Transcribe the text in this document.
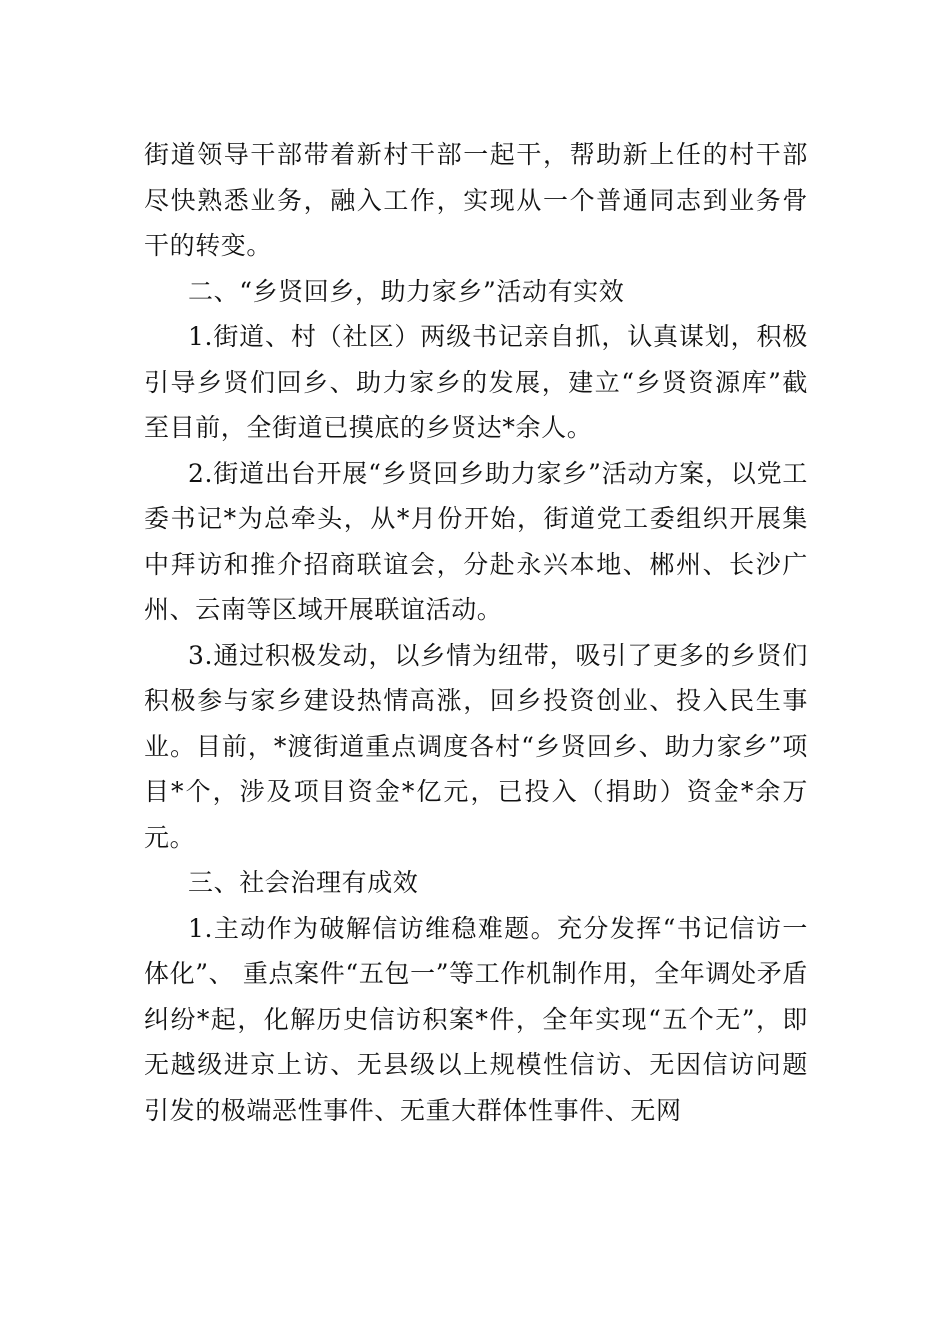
街道领导干部带着新村干部一起干，帮助新上任的村干部尽快熟悉业务，融入工作，实现从一个普通同志到业务骨干的转变。

二、“乡贤回乡，助力家乡”活动有实效

1.街道、村（社区）两级书记亲自抓，认真谋划，积极引导乡贤们回乡、助力家乡的发展，建立“乡贤资源库”截至目前，全街道已摸底的乡贤达*余人。

2.街道出台开展“乡贤回乡助力家乡”活动方案，以党工委书记*为总牵头，从*月份开始，街道党工委组织开展集中拜访和推介招商联谊会，分赴永兴本地、郴州、长沙广州、云南等区域开展联谊活动。

3.通过积极发动，以乡情为纽带，吸引了更多的乡贤们积极参与家乡建设热情高涨，回乡投资创业、投入民生事业。目前，*渡街道重点调度各村“乡贤回乡、助力家乡”项目*个，涉及项目资金*亿元，已投入（捐助）资金*余万元。

三、社会治理有成效

1.主动作为破解信访维稳难题。充分发挥“书记信访一体化”、 重点案件“五包一”等工作机制作用，全年调处矛盾纠纷*起，化解历史信访积案*件，全年实现“五个无”，即无越级进京上访、无县级以上规模性信访、无因信访问题引发的极端恶性事件、无重大群体性事件、无网
